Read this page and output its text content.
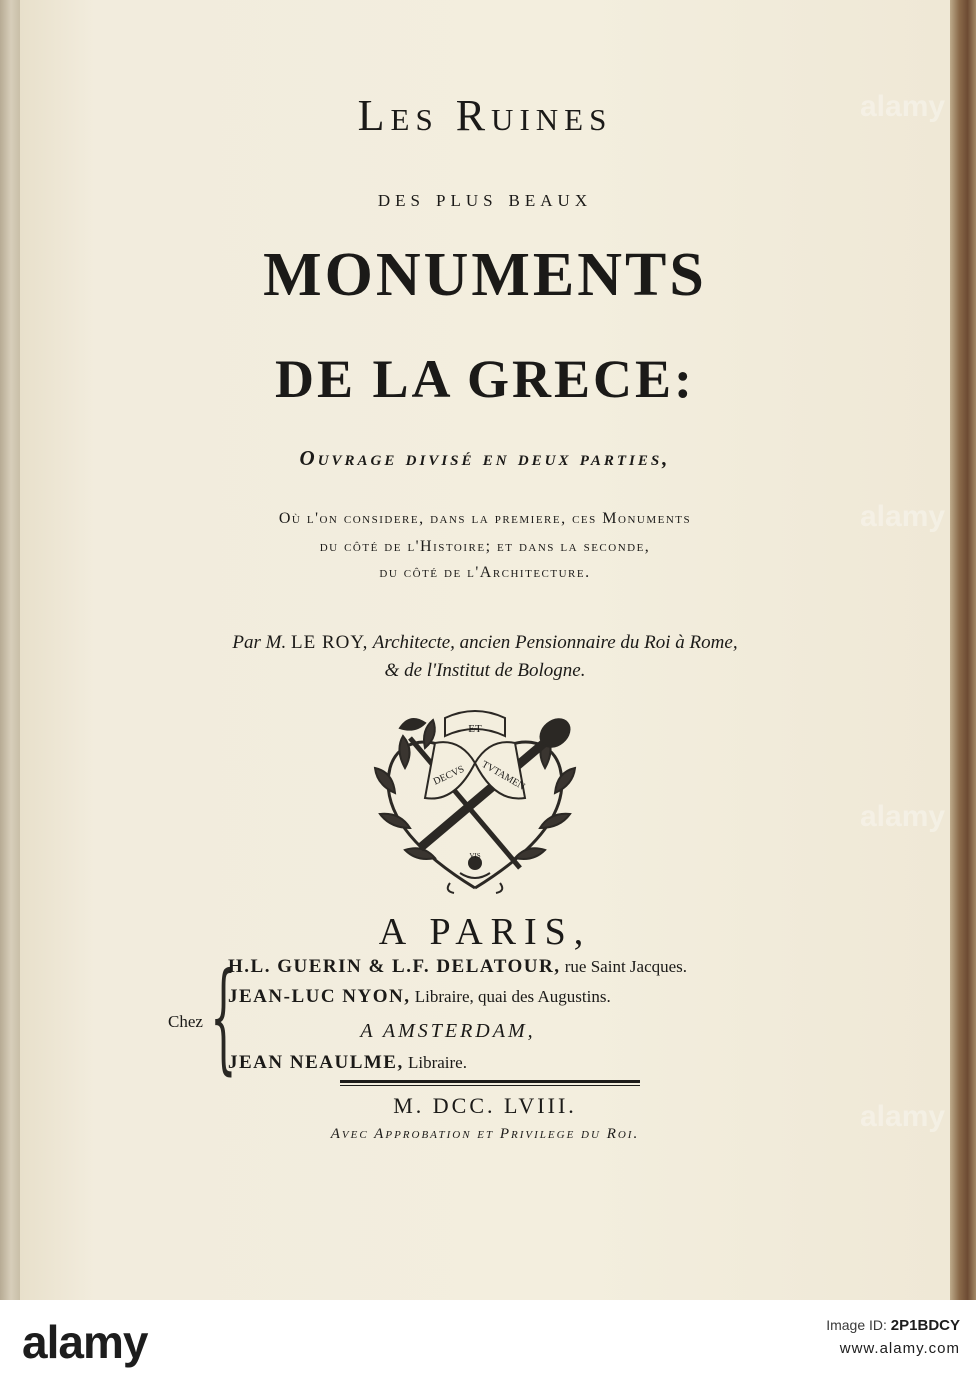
Les Ruines
des plus beaux
MONUMENTS
DE LA GRECE:
Ouvrage divisé en deux parties,
Où l'on considere, dans la premiere, ces Monuments
du côté de l'Histoire; et dans la seconde,
du côté de l'Architecture.
Par M. LE ROY, Architecte, ancien Pensionnaire du Roi à Rome,
& de l'Institut de Bologne.
ET
DECVS TVTAMEN
VIS
A PARIS,
Chez {
H.L. GUERIN & L.F. DELATOUR, rue Saint Jacques.
JEAN-LUC NYON, Libraire, quai des Augustins.
A AMSTERDAM,
JEAN NEAULME, Libraire.
M. DCC. LVIII.
Avec Approbation et Privilege du Roi.
alamy
alamy
alamy
alamy
alamy	Image ID: 2P1BDCY
www.alamy.com
